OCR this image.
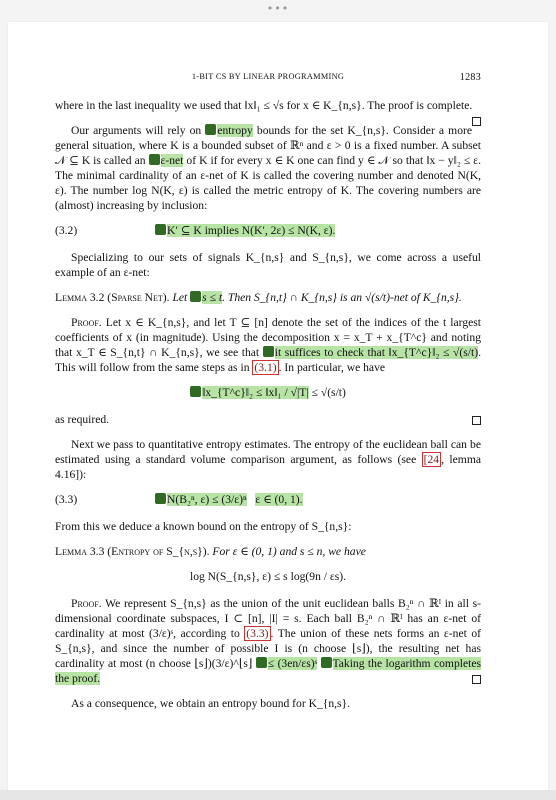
•••
1-BIT CS BY LINEAR PROGRAMMING	1283

where in the last inequality we used that ‖x‖₁ ≤ √s for x ∈ K_{n,s}. The proof is complete.

Our arguments will rely on entropy bounds for the set K_{n,s}. Consider a more general situation, where K is a bounded subset of ℝⁿ and ε > 0 is a fixed number. A subset 𝒩 ⊆ K is called an ε-net of K if for every x ∈ K one can find y ∈ 𝒩 so that ‖x − y‖₂ ≤ ε. The minimal cardinality of an ε-net of K is called the covering number and denoted N(K, ε). The number log N(K, ε) is called the metric entropy of K. The covering numbers are (almost) increasing by inclusion:

(3.2)	K′ ⊆ K implies N(K′, 2ε) ≤ N(K, ε).

Specializing to our sets of signals K_{n,s} and S_{n,s}, we come across a useful example of an ε-net:

Lemma 3.2 (Sparse Net). Let s ≤ t. Then S_{n,t} ∩ K_{n,s} is an √(s/t)-net of K_{n,s}.

Proof. Let x ∈ K_{n,s}, and let T ⊆ [n] denote the set of the indices of the t largest coefficients of x (in magnitude). Using the decomposition x = x_T + x_{T^c} and noting that x_T ∈ S_{n,t} ∩ K_{n,s}, we see that it suffices to check that ‖x_{T^c}‖₂ ≤ √(s/t). This will follow from the same steps as in (3.1) . In particular, we have

‖x_{T^c}‖₂ ≤ ‖x‖₁ / √|T| ≤ √(s/t)

as required.

Next we pass to quantitative entropy estimates. The entropy of the euclidean ball can be estimated using a standard volume comparison argument, as follows (see [24 , lemma 4.16]):

(3.3)	N(B₂ⁿ, ε) ≤ (3/ε)ⁿ ε ∈ (0, 1).

From this we deduce a known bound on the entropy of S_{n,s}:

Lemma 3.3 (Entropy of S_{n,s}). For ε ∈ (0, 1) and s ≤ n, we have

log N(S_{n,s}, ε) ≤ s log(9n / εs).

Proof. We represent S_{n,s} as the union of the unit euclidean balls B₂ⁿ ∩ ℝᴵ in all s-dimensional coordinate subspaces, I ⊂ [n], |I| = s. Each ball B₂ⁿ ∩ ℝᴵ has an ε-net of cardinality at most (3/ε)ˢ, according to (3.3) . The union of these nets forms an ε-net of S_{n,s}, and since the number of possible I is (n choose ⌊s⌋), the resulting net has cardinality at most (n choose ⌊s⌋)(3/ε)^⌊s⌋ ≤ (3en/εs)ˢ Taking the logarithm completes the proof.

As a consequence, we obtain an entropy bound for K_{n,s}.
